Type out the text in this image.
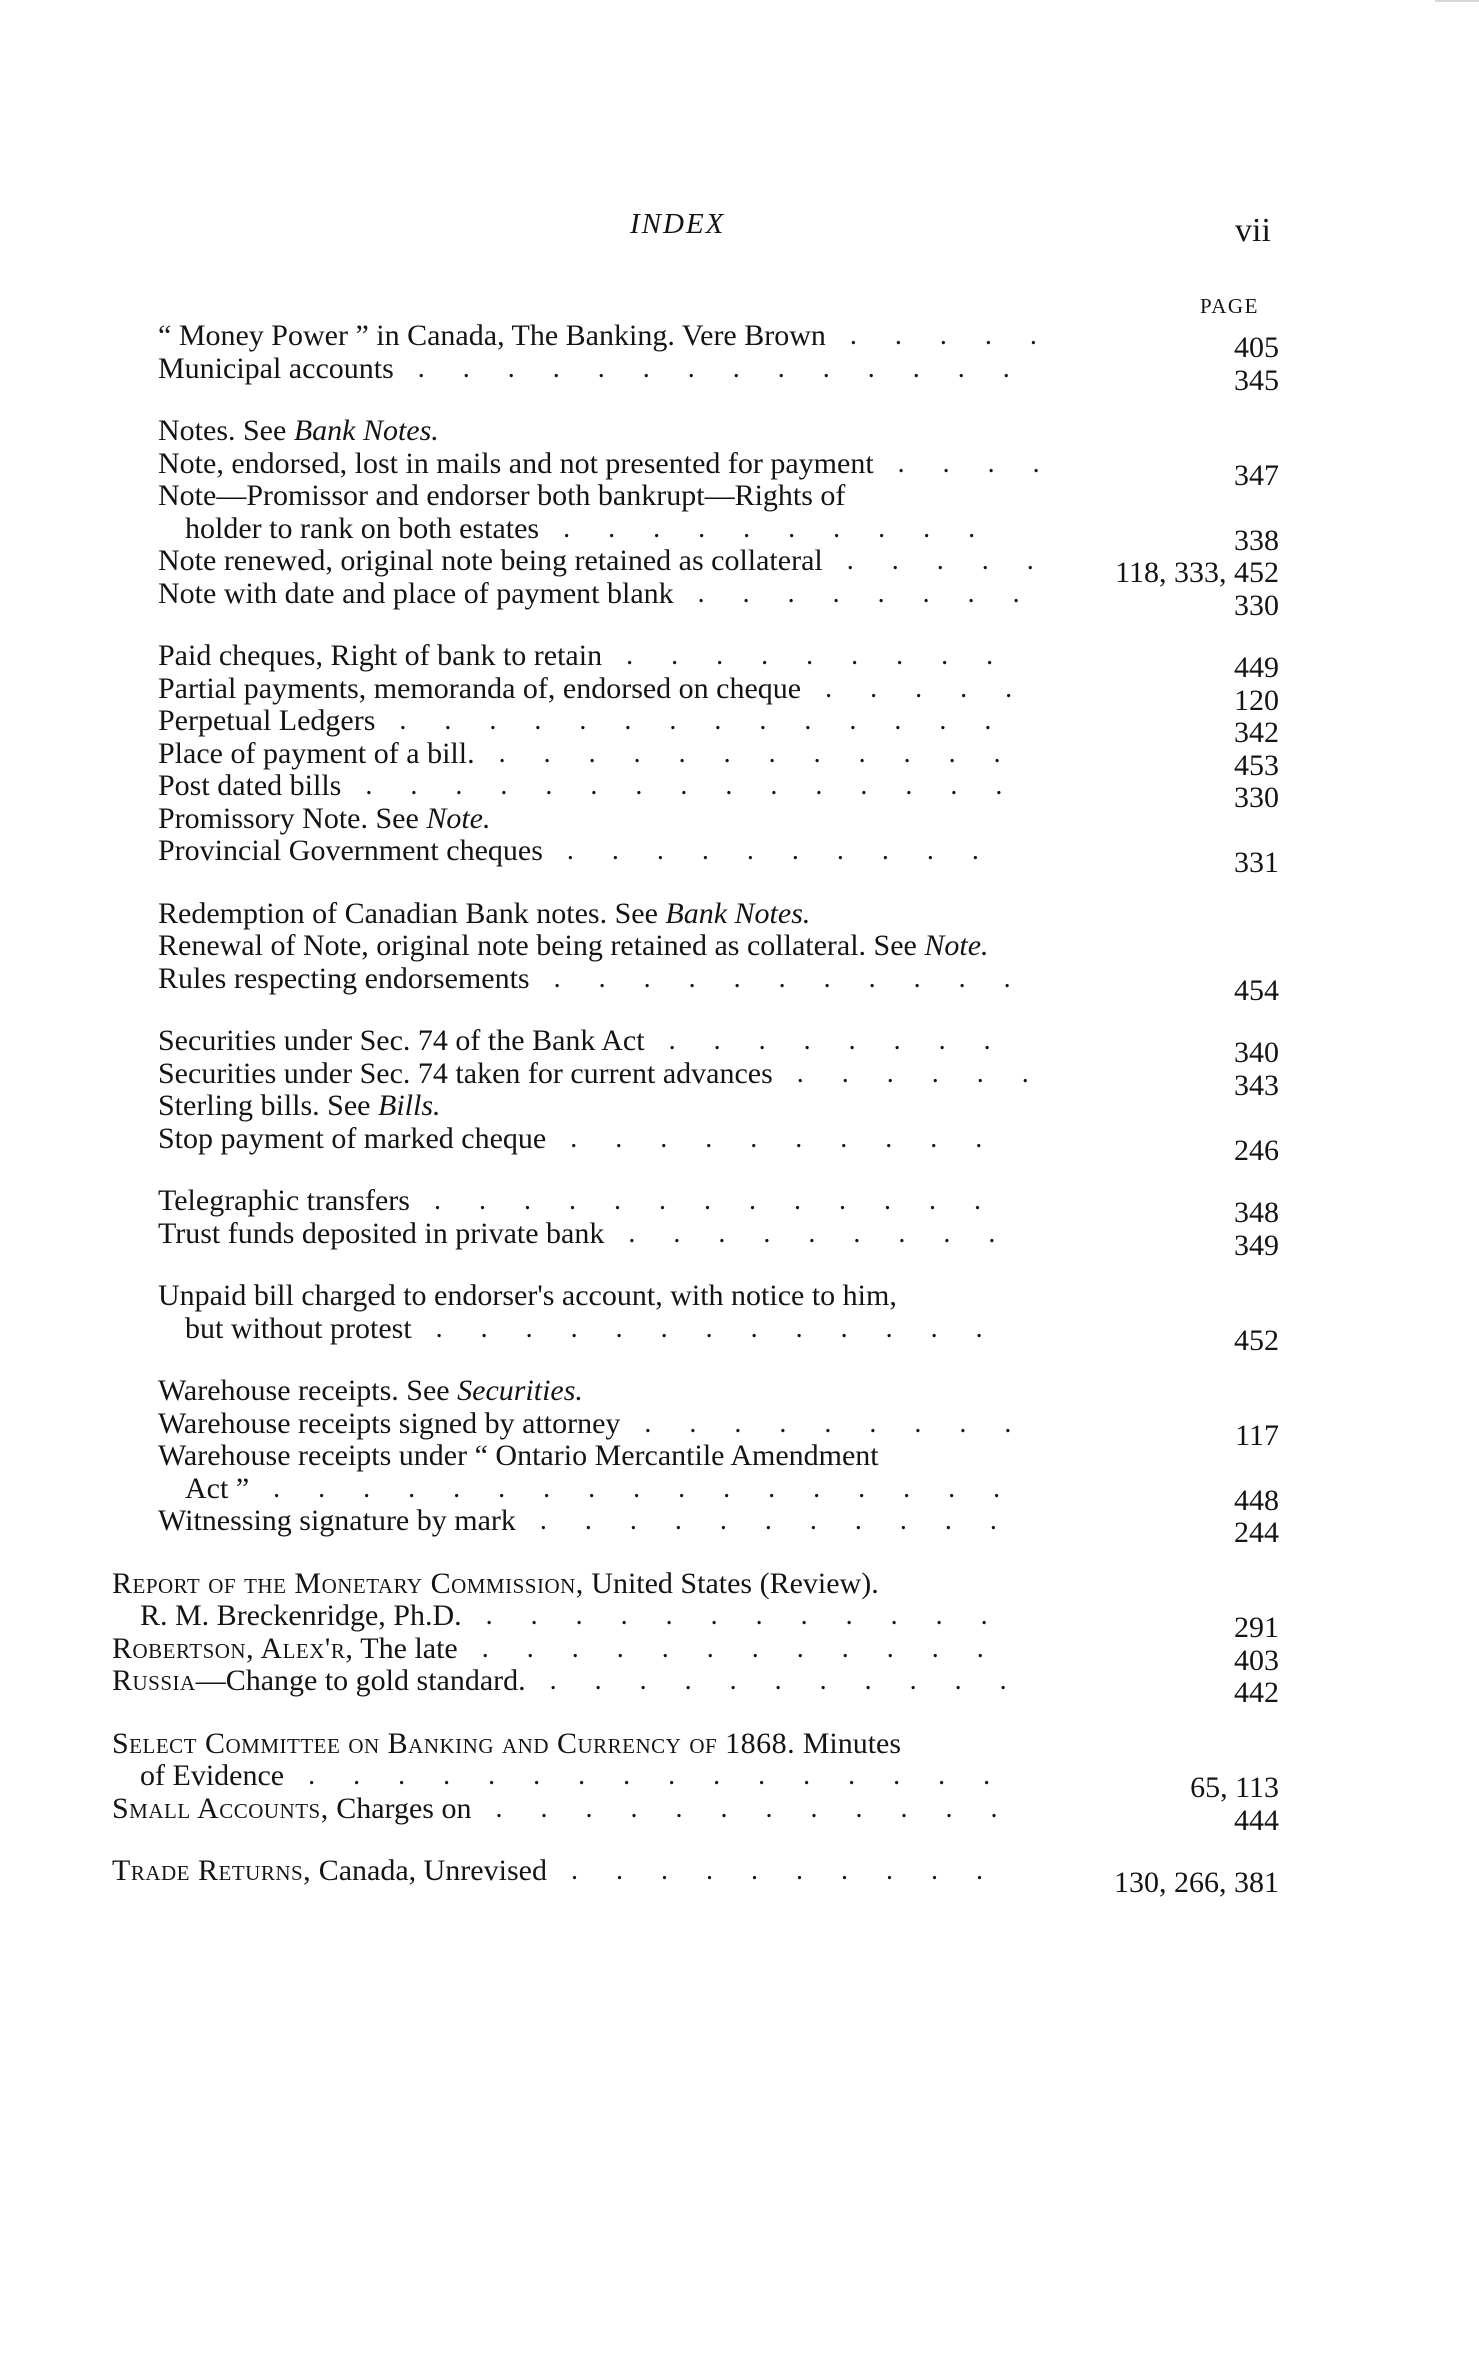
INDEX	vii
PAGE
“ Money Power ” in Canada, The Banking. Vere Brown	405
.....
Municipal accounts	345
..............
Notes. See Bank Notes.
Note, endorsed, lost in mails and not presented for payment	347
....
Note—Promissor and endorser both bankrupt—Rights of
holder to rank on both estates	338
..........
Note renewed, original note being retained as collateral	118, 333, 452
.....
Note with date and place of payment blank	330
........
Paid cheques, Right of bank to retain	449
.........
Partial payments, memoranda of, endorsed on cheque	120
.....
Perpetual Ledgers	342
..............
Place of payment of a bill.	453
............
Post dated bills	330
...............
Promissory Note. See Note.
Provincial Government cheques	331
..........
Redemption of Canadian Bank notes. See Bank Notes.
Renewal of Note, original note being retained as collateral. See Note.
Rules respecting endorsements	454
...........
Securities under Sec. 74 of the Bank Act	340
........
Securities under Sec. 74 taken for current advances	343
......
Sterling bills. See Bills.
Stop payment of marked cheque	246
..........
Telegraphic transfers	348
.............
Trust funds deposited in private bank	349
.........
Unpaid bill charged to endorser's account, with notice to him,
but without protest	452
.............
Warehouse receipts. See Securities.
Warehouse receipts signed by attorney	117
.........
Warehouse receipts under “ Ontario Mercantile Amendment
Act ”	448
.................
Witnessing signature by mark	244
...........
Report of the Monetary Commission, United States (Review).
R. M. Breckenridge, Ph.D.	291
............
Robertson, Alex'r, The late	403
............
Russia—Change to gold standard.	442
...........
Select Committee on Banking and Currency of 1868. Minutes
of Evidence	65, 113
................
Small Accounts, Charges on	444
............
Trade Returns, Canada, Unrevised	130, 266, 381
..........
